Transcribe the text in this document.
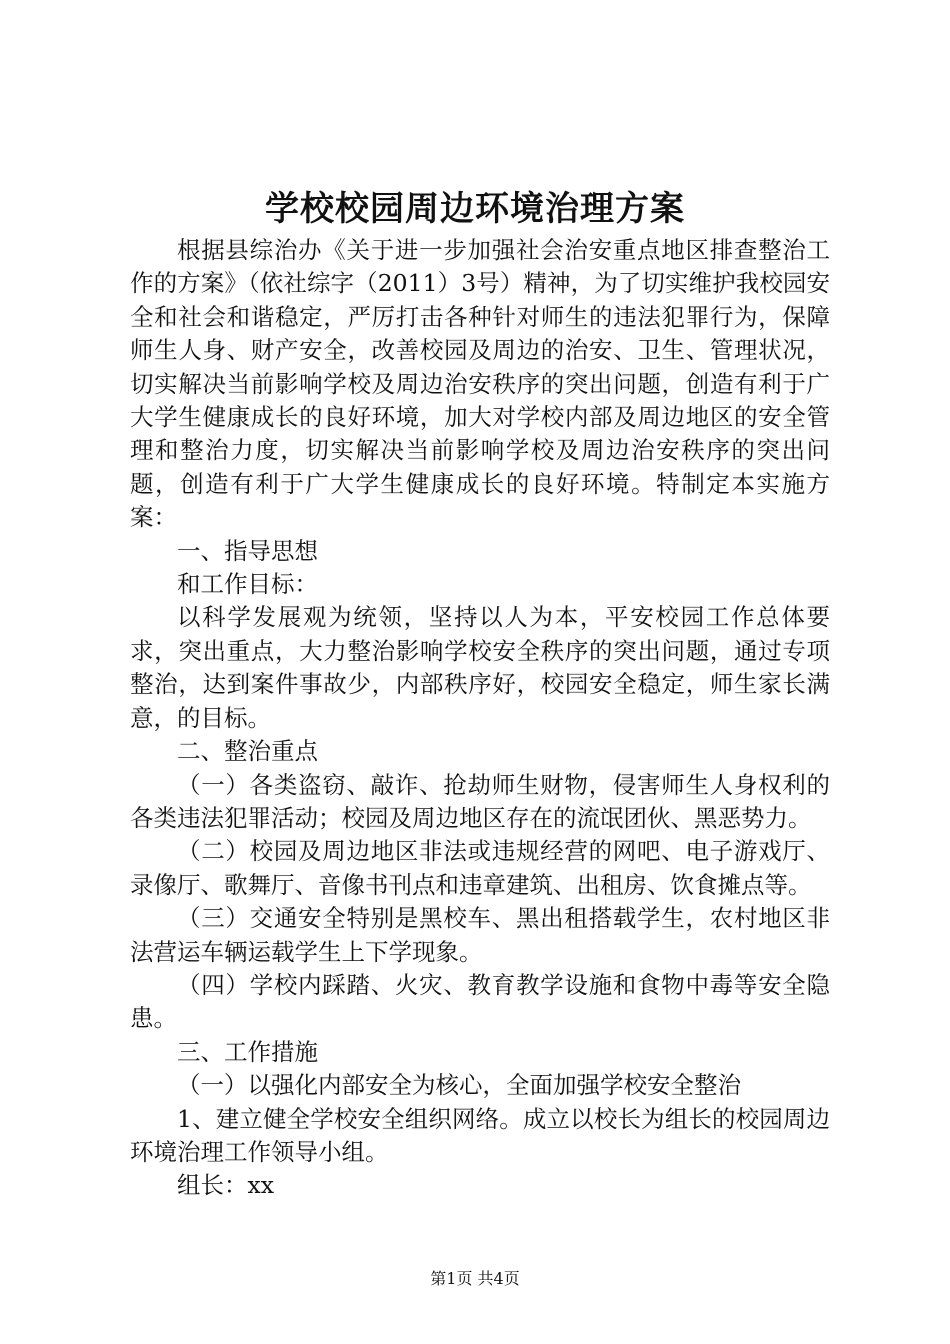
学校校园周边环境治理方案

根据县综治办《关于进一步加强社会治安重点地区排查整治工作的方案》（依社综字（2011）3号）精神，为了切实维护我校园安全和社会和谐稳定，严厉打击各种针对师生的违法犯罪行为，保障师生人身、财产安全，改善校园及周边的治安、卫生、管理状况，切实解决当前影响学校及周边治安秩序的突出问题，创造有利于广大学生健康成长的良好环境，加大对学校内部及周边地区的安全管理和整治力度，切实解决当前影响学校及周边治安秩序的突出问题，创造有利于广大学生健康成长的良好环境。特制定本实施方案：

一、指导思想

和工作目标：

以科学发展观为统领，坚持以人为本，平安校园工作总体要求，突出重点，大力整治影响学校安全秩序的突出问题，通过专项整治，达到案件事故少，内部秩序好，校园安全稳定，师生家长满意，的目标。

二、整治重点

（一）各类盗窃、敲诈、抢劫师生财物，侵害师生人身权利的各类违法犯罪活动；校园及周边地区存在的流氓团伙、黑恶势力。

（二）校园及周边地区非法或违规经营的网吧、电子游戏厅、录像厅、歌舞厅、音像书刊点和违章建筑、出租房、饮食摊点等。

（三）交通安全特别是黑校车、黑出租搭载学生，农村地区非法营运车辆运载学生上下学现象。

（四）学校内踩踏、火灾、教育教学设施和食物中毒等安全隐患。

三、工作措施

（一）以强化内部安全为核心，全面加强学校安全整治

1、建立健全学校安全组织网络。成立以校长为组长的校园周边环境治理工作领导小组。

组长：xx

第1页 共4页
